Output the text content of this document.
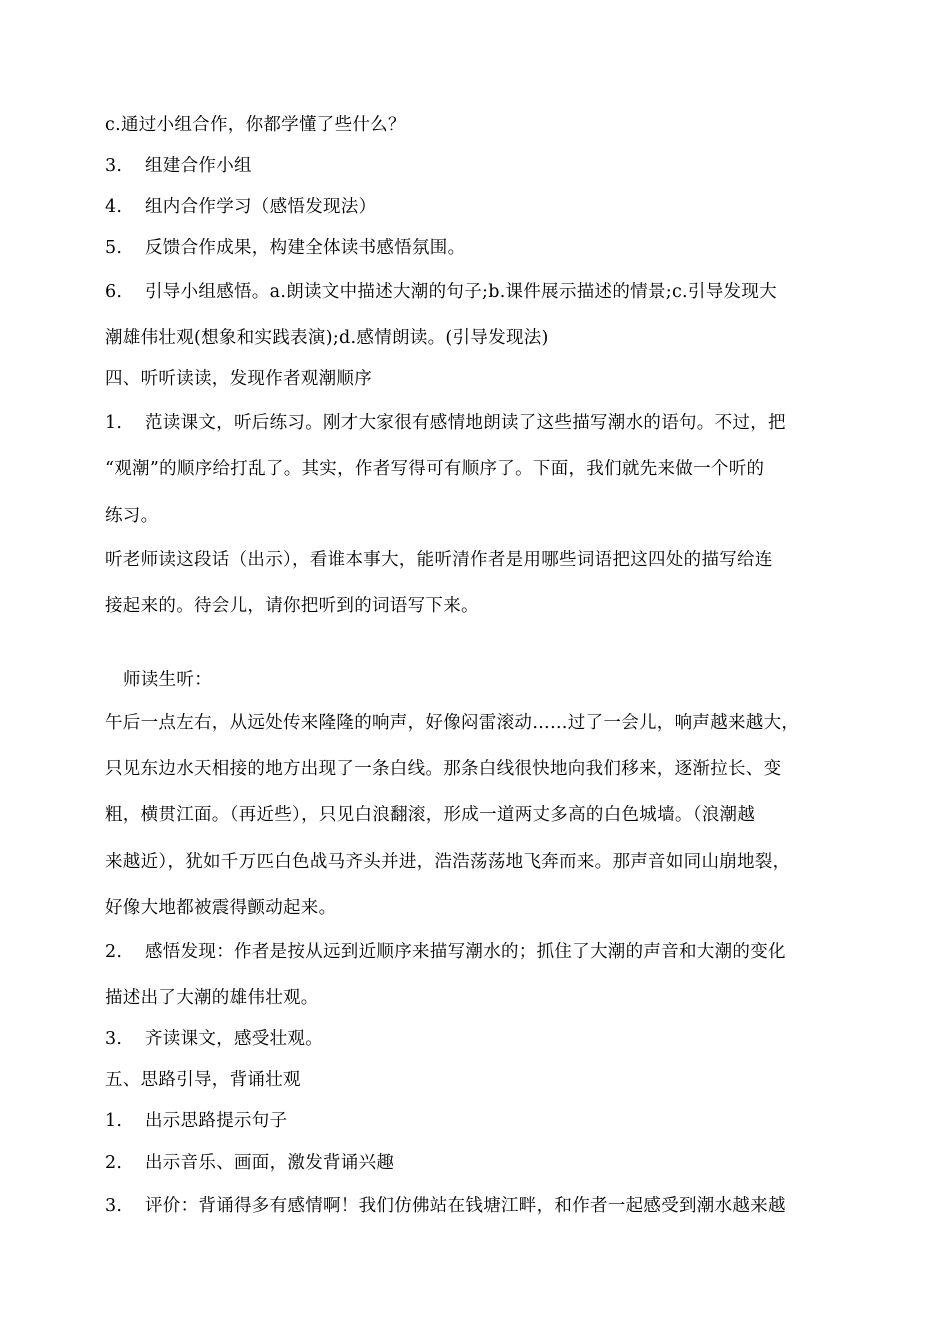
c.通过小组合作，你都学懂了些什么？
3. 组建合作小组
4. 组内合作学习（感悟发现法）
5. 反馈合作成果，构建全体读书感悟氛围。
6. 引导小组感悟。a.朗读文中描述大潮的句子;b.课件展示描述的情景;c.引导发现大
潮雄伟壮观(想象和实践表演);d.感情朗读。(引导发现法)
四、听听读读，发现作者观潮顺序
1. 范读课文，听后练习。刚才大家很有感情地朗读了这些描写潮水的语句。不过，把
“观潮”的顺序给打乱了。其实，作者写得可有顺序了。下面，我们就先来做一个听的
练习。
听老师读这段话（出示），看谁本事大，能听清作者是用哪些词语把这四处的描写给连
接起来的。待会儿，请你把听到的词语写下来。
师读生听：
午后一点左右，从远处传来隆隆的响声，好像闷雷滚动……过了一会儿，响声越来越大，
只见东边水天相接的地方出现了一条白线。那条白线很快地向我们移来，逐渐拉长、变
粗，横贯江面。（再近些），只见白浪翻滚，形成一道两丈多高的白色城墙。（浪潮越
来越近），犹如千万匹白色战马齐头并进，浩浩荡荡地飞奔而来。那声音如同山崩地裂，
好像大地都被震得颤动起来。
2. 感悟发现：作者是按从远到近顺序来描写潮水的；抓住了大潮的声音和大潮的变化
描述出了大潮的雄伟壮观。
3. 齐读课文，感受壮观。
五、思路引导，背诵壮观
1. 出示思路提示句子
2. 出示音乐、画面，激发背诵兴趣
3. 评价：背诵得多有感情啊！我们仿佛站在钱塘江畔，和作者一起感受到潮水越来越
